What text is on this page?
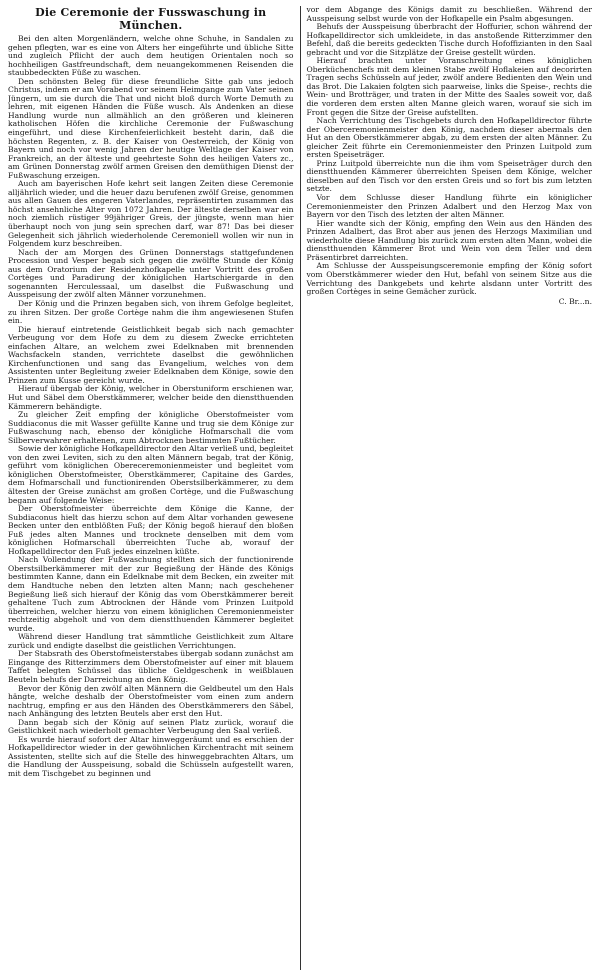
Die Ceremonie der Fusswaschung in München.

Bei den alten Morgenländern, welche ohne Schuhe, in Sandalen zu gehen pflegten, war es eine von Alters her eingeführte und übliche Sitte und zugleich Pflicht der auch dem heutigen Orientalen noch so hochheiligen Gastfreundschaft, dem neuangekommenen Reisenden die staubbedeckten Füße zu waschen.

Den schönsten Beleg für diese freundliche Sitte gab uns jedoch Christus, indem er am Vorabend vor seinem Heimgange zum Vater seinen Jüngern, um sie durch die That und nicht bloß durch Worte Demuth zu lehren, mit eigenen Händen die Füße wusch. Als Andenken an diese Handlung wurde nun allmählich an den größeren und kleineren katholischen Höfen die kirchliche Ceremonie der Fußwaschung eingeführt, und diese Kirchenfeierlichkeit besteht darin, daß die höchsten Regenten, z. B. der Kaiser von Oesterreich, der König von Bayern und noch vor wenig Jahren der heutige Weltlage der Kaiser von Frankreich, an der älteste und geehrteste Sohn des heiligen Vaters zc., am Grünen Donnerstag zwölf armen Greisen den demüthigen Dienst der Fußwaschung erzeigen.

Auch am bayerischen Hofe kehrt seit langen Zeiten diese Ceremonie alljährlich wieder, und die heuer dazu berufenen zwölf Greise, genommen aus allen Gauen des engeren Vaterlandes, repräsentirten zusammen das höchst ansehnliche Alter von 1072 Jahren. Der älteste derselben war ein noch ziemlich rüstiger 99jähriger Greis, der jüngste, wenn man hier überhaupt noch von jung sein sprechen darf, war 87! Das bei dieser Gelegenheit sich jährlich wiederholende Ceremoniell wollen wir nun in Folgendem kurz beschreiben.

Nach der am Morgen des Grünen Donnerstags stattgefundenen Procession und Vesper begab sich gegen die zwölfte Stunde der König aus dem Oratorium der Residenzhofkapelle unter Vortritt des großen Cortèges und Paradirung der königlichen Hartschiergarde in den sogenannten Herculessaal, um daselbst die Fußwaschung und Ausspeisung der zwölf alten Männer vorzunehmen.

Der König und die Prinzen begaben sich, von ihrem Gefolge begleitet, zu ihren Sitzen. Der große Cortège nahm die ihm angewiesenen Stufen ein.

Die hierauf eintretende Geistlichkeit begab sich nach gemachter Verbeugung vor dem Hofe zu dem zu diesem Zwecke errichteten einfachen Altare, an welchem zwei Edelknaben mit brennenden Wachsfackeln standen, verrichtete daselbst die gewöhnlichen Kirchenfunctionen und sang das Evangelium, welches von dem Assistenten unter Begleitung zweier Edelknaben dem Könige, sowie den Prinzen zum Kusse gereicht wurde.

Hierauf übergab der König, welcher in Oberstuniform erschienen war, Hut und Säbel dem Oberstkämmerer, welcher beide den dienstthuenden Kämmerern behändigte.

Zu gleicher Zeit empfing der königliche Oberstofmeister vom Suddiaconus die mit Wasser gefüllte Kanne und trug sie dem Könige zur Fußwaschung nach, ebenso der königliche Hofmarschall die vom Silberverwahrer erhaltenen, zum Abtrocknen bestimmten Fußtücher.

Sowie der königliche Hofkapelldirector den Altar verließ und, begleitet von den zwei Leviten, sich zu den alten Männern begab, trat der König, geführt vom königlichen Obereceremonienmeister und begleitet vom königlichen Oberstofmeister, Oberstkämmerer, Capitaine des Gardes, dem Hofmarschall und functionirenden Oberstsilberkämmerer, zu dem ältesten der Greise zunächst am großen Cortège, und die Fußwaschung begann auf folgende Weise:

Der Oberstofmeister überreichte dem Könige die Kanne, der Subdiaconus hielt das hierzu schon auf dem Altar vorhanden gewesene Becken unter den entblößten Fuß; der König begoß hierauf den bloßen Fuß jedes alten Mannes und trocknete denselben mit dem vom königlichen Hofmarschall überreichten Tuche ab, worauf der Hofkapelldirector den Fuß jedes einzelnen küßte.

Nach Vollendung der Fußwaschung stellten sich der functionirende Oberstsilberkämmerer mit der zur Begießung der Hände des Königs bestimmten Kanne, dann ein Edelknabe mit dem Becken, ein zweiter mit dem Handtuche neben den letzten alten Mann; nach geschehener Begießung ließ sich hierauf der König das vom Oberstkämmerer bereit gehaltene Tuch zum Abtrocknen der Hände vom Prinzen Luitpold überreichen, welcher hierzu von einem königlichen Ceremonienmeister rechtzeitig abgeholt und von dem dienstthuenden Kämmerer begleitet wurde.

Während dieser Handlung trat sämmtliche Geistlichkeit zum Altare zurück und endigte daselbst die geistlichen Verrichtungen.

Der Stabsrath des Oberstofmeisterstabes übergab sodann zunächst am Eingange des Ritterzimmers dem Oberstofmeister auf einer mit blauem Taffet belegten Schüssel das übliche Geldgeschenk in weißblauen Beuteln behufs der Darreichung an den König.

Bevor der König den zwölf alten Männern die Geldbeutel um den Hals hängte, welche deshalb der Oberstofmeister vom einen zum andern nachtrug, empfing er aus den Händen des Oberstkämmerers den Säbel, nach Anhängung des letzten Beutels aber erst den Hut.

Dann begab sich der König auf seinen Platz zurück, worauf die Geistlichkeit nach wiederholt gemachter Verbeugung den Saal verließ.

Es wurde hierauf sofort der Altar hinweggeräumt und es erschien der Hofkapelldirector wieder in der gewöhnlichen Kirchentracht mit seinem Assistenten, stellte sich auf die Stelle des hinweggebrachten Altars, um die Handlung der Ausspeisung, sobald die Schüsseln aufgestellt waren, mit dem Tischgebet zu beginnen und

vor dem Abgange des Königs damit zu beschließen. Während der Ausspeisung selbst wurde von der Hofkapelle ein Psalm abgesungen.

Behufs der Ausspeisung überbracht der Hoffurier, schon während der Hofkapelldirector sich umkleidete, in das anstoßende Ritterzimmer den Befehl, daß die bereits gedeckten Tische durch Hofoffizianten in den Saal gebracht und vor die Sitzplätze der Greise gestellt würden.

Hierauf brachten unter Voranschreitung eines königlichen Oberküchenchefs mit dem kleinen Stabe zwölf Hoflakeien auf decorirten Tragen sechs Schüsseln auf jeder, zwölf andere Bedienten den Wein und das Brot. Die Lakaien folgten sich paarweise, links die Speise-, rechts die Wein- und Brotträger, und traten in der Mitte des Saales soweit vor, daß die vorderen dem ersten alten Manne gleich waren, worauf sie sich im Front gegen die Sitze der Greise aufstellten.

Nach Verrichtung des Tischgebets durch den Hofkapelldirector führte der Oberceremonienmeister den König, nachdem dieser abermals den Hut an den Oberstkämmerer abgab, zu dem ersten der alten Männer. Zu gleicher Zeit führte ein Ceremonienmeister den Prinzen Luitpold zum ersten Speiseträger.

Prinz Luitpold überreichte nun die ihm vom Speiseträger durch den dienstthuenden Kämmerer überreichten Speisen dem Könige, welcher dieselben auf den Tisch vor den ersten Greis und so fort bis zum letzten setzte.

Vor dem Schlusse dieser Handlung führte ein königlicher Ceremonienmeister den Prinzen Adalbert und den Herzog Max von Bayern vor den Tisch des letzten der alten Männer.

Hier wandte sich der König, empfing den Wein aus den Händen des Prinzen Adalbert, das Brot aber aus jenen des Herzogs Maximilian und wiederholte diese Handlung bis zurück zum ersten alten Mann, wobei die dienstthuenden Kämmerer Brot und Wein von dem Teller und dem Präsentirbret darreichten.

Am Schlusse der Ausspeisungsceremonie empfing der König sofort vom Oberstkämmerer wieder den Hut, befahl von seinem Sitze aus die Verrichtung des Dankgebets und kehrte alsdann unter Vortritt des großen Cortèges in seine Gemächer zurück.

C. Br...n.
